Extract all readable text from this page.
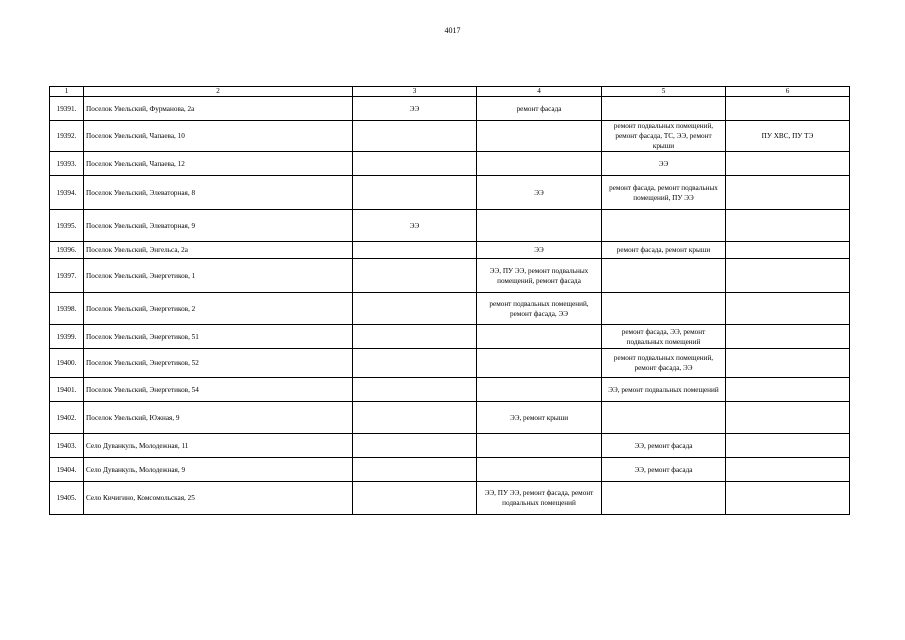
4017
1	2	3	4	5	6
19391.	Поселок Увельский, Фурманова, 2а	ЭЭ	ремонт фасада		
19392.	Поселок Увельский, Чапаева, 10			ремонт подвальных помещений, ремонт фасада, ТС, ЭЭ, ремонт крыши	ПУ ХВС, ПУ ТЭ
19393.	Поселок Увельский, Чапаева, 12			ЭЭ	
19394.	Поселок Увельский, Элеваторная, 8		ЭЭ	ремонт фасада, ремонт подвальных помещений, ПУ ЭЭ	
19395.	Поселок Увельский, Элеваторная, 9	ЭЭ			
19396.	Поселок Увельский, Энгельса, 2а		ЭЭ	ремонт фасада, ремонт крыши	
19397.	Поселок Увельский, Энергетиков, 1		ЭЭ, ПУ ЭЭ, ремонт подвальных помещений, ремонт фасада		
19398.	Поселок Увельский, Энергетиков, 2		ремонт подвальных помещений, ремонт фасада, ЭЭ		
19399.	Поселок Увельский, Энергетиков, 51			ремонт фасада, ЭЭ, ремонт подвальных помещений	
19400.	Поселок Увельский, Энергетиков, 52			ремонт подвальных помещений, ремонт фасада, ЭЭ	
19401.	Поселок Увельский, Энергетиков, 54			ЭЭ, ремонт подвальных помещений	
19402.	Поселок Увельский, Южная, 9		ЭЭ, ремонт крыши		
19403.	Село Дуванкуль, Молодежная, 11			ЭЭ, ремонт фасада	
19404.	Село Дуванкуль, Молодежная, 9			ЭЭ, ремонт фасада	
19405.	Село Кичигино, Комсомольская, 25		ЭЭ, ПУ ЭЭ, ремонт фасада, ремонт подвальных помещений		
